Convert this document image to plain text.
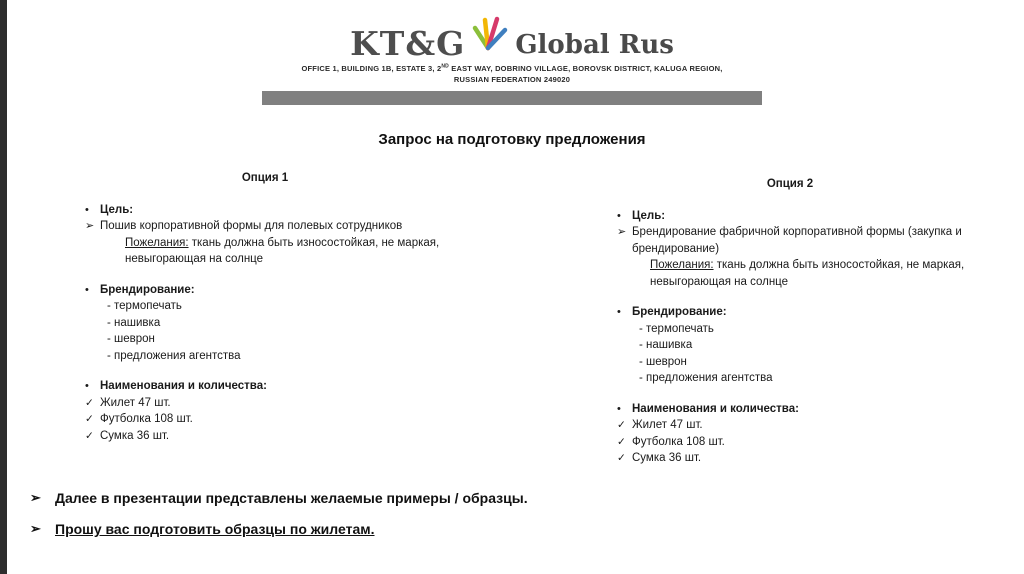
KT&G Global Rus
OFFICE 1, BUILDING 1B, ESTATE 3, 2ND EAST WAY, DOBRINO VILLAGE, BOROVSK DISTRICT, KALUGA REGION,
RUSSIAN FEDERATION 249020
Запрос на подготовку предложения
Опция 1
• Цель:
➢ Пошив корпоративной формы для полевых сотрудников
Пожелания: ткань должна быть износостойкая, не маркая, невыгорающая на солнце
• Брендирование:
- термопечать
- нашивка
- шеврон
- предложения агентства
• Наименования и количества:
✓ Жилет 47 шт.
✓ Футболка 108 шт.
✓ Сумка 36 шт.
Опция 2
• Цель:
➢ Брендирование фабричной корпоративной формы (закупка и брендирование)
Пожелания: ткань должна быть износостойкая, не маркая, невыгорающая на солнце
• Брендирование:
- термопечать
- нашивка
- шеврон
- предложения агентства
• Наименования и количества:
✓ Жилет 47 шт.
✓ Футболка 108 шт.
✓ Сумка 36 шт.
➢	Далее в презентации представлены желаемые примеры / образцы.
➢	Прошу вас подготовить образцы по жилетам.
